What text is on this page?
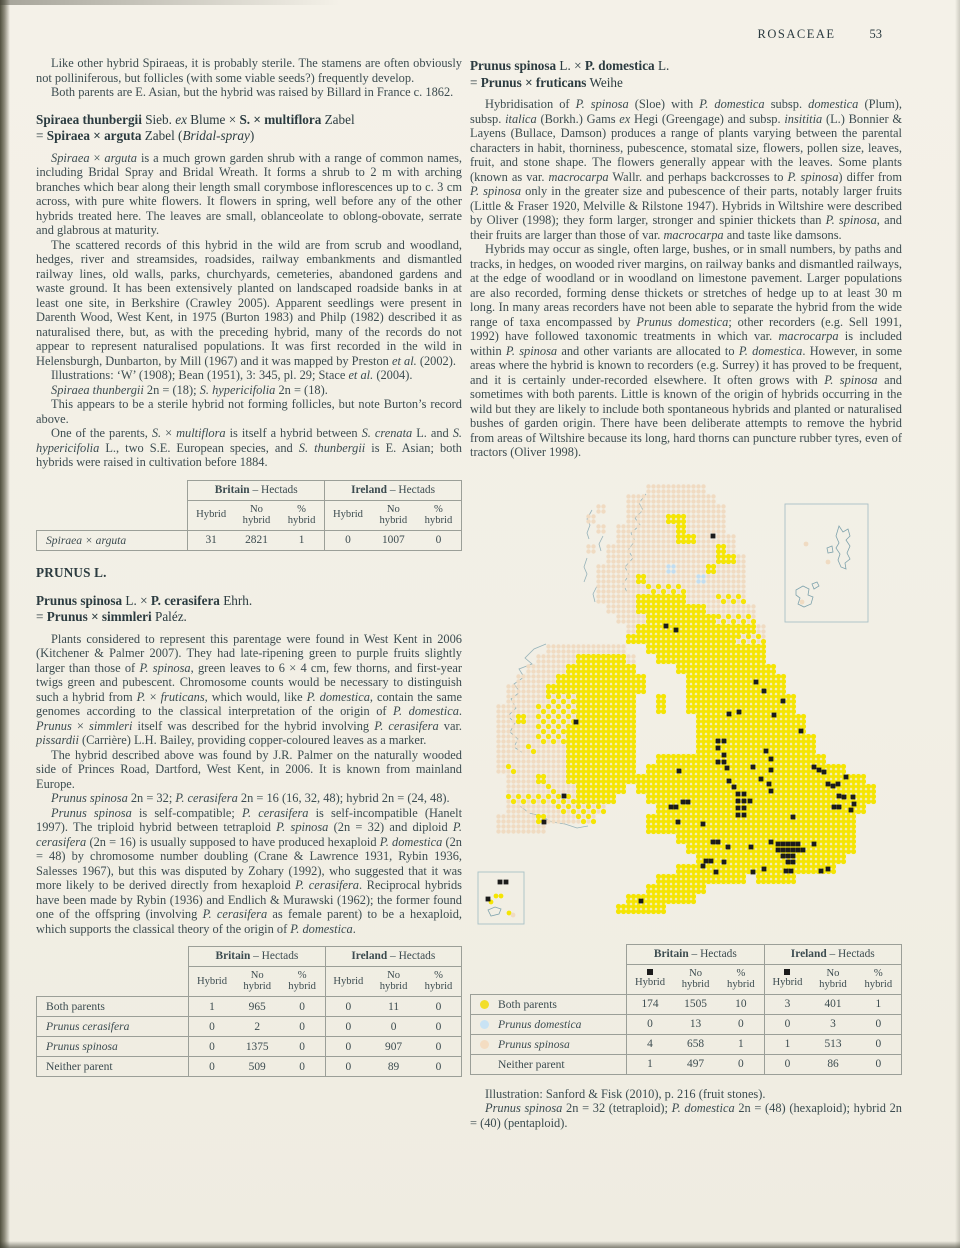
ROSACEAE	53

Like other hybrid Spiraeas, it is probably sterile. The stamens are often obviously not polliniferous, but follicles (with some viable seeds?) frequently develop.

Both parents are E. Asian, but the hybrid was raised by Billard in France c. 1862.

Spiraea thunbergii Sieb. ex Blume × S. × multiflora Zabel
= Spiraea × arguta Zabel (Bridal-spray)

Spiraea × arguta is a much grown garden shrub with a range of common names, including Bridal Spray and Bridal Wreath. It forms a shrub to 2 m with arching branches which bear along their length small corymbose inflorescences up to c. 3 cm across, with pure white flowers. It flowers in spring, well before any of the other hybrids treated here. The leaves are small, oblanceolate to oblong-obovate, serrate and glabrous at maturity.

The scattered records of this hybrid in the wild are from scrub and woodland, hedges, river and streamsides, roadsides, railway embankments and dismantled railway lines, old walls, parks, churchyards, cemeteries, abandoned gardens and waste ground. It has been extensively planted on landscaped roadside banks in at least one site, in Berkshire (Crawley 2005). Apparent seedlings were present in Darenth Wood, West Kent, in 1975 (Burton 1983) and Philp (1982) described it as naturalised there, but, as with the preceding hybrid, many of the records do not appear to represent naturalised populations. It was first recorded in the wild in Helensburgh, Dunbarton, by Mill (1967) and it was mapped by Preston et al. (2002).

Illustrations: ‘W’ (1908); Bean (1951), 3: 345, pl. 29; Stace et al. (2004).

Spiraea thunbergii 2n = (18); S. hypericifolia 2n = (18).

This appears to be a sterile hybrid not forming follicles, but note Burton’s record above.

One of the parents, S. × multiflora is itself a hybrid between S. crenata L. and S. hypericifolia L., two S.E. European species, and S. thunbergii is E. Asian; both hybrids were raised in cultivation before 1884.

	Britain – Hectads			Ireland – Hectads		
	Hybrid	No hybrid	% hybrid	Hybrid	No hybrid	% hybrid
Spiraea × arguta	31	2821	1	0	1007	0
PRUNUS L.
Prunus spinosa L. × P. cerasifera Ehrh.
= Prunus × simmleri Paléz.

Plants considered to represent this parentage were found in West Kent in 2006 (Kitchener & Palmer 2007). They had late-ripening green to purple fruits slightly larger than those of P. spinosa, green leaves to 6 × 4 cm, few thorns, and first-year twigs green and pubescent. Chromosome counts would be necessary to distinguish such a hybrid from P. × fruticans, which would, like P. domestica, contain the same genomes according to the classical interpretation of the origin of P. domestica. Prunus × simmleri itself was described for the hybrid involving P. cerasifera var. pissardii (Carrière) L.H. Bailey, providing copper-coloured leaves as a marker.

The hybrid described above was found by J.R. Palmer on the naturally wooded side of Princes Road, Dartford, West Kent, in 2006. It is known from mainland Europe.

Prunus spinosa 2n = 32; P. cerasifera 2n = 16 (16, 32, 48); hybrid 2n = (24, 48).

Prunus spinosa is self-compatible; P. cerasifera is self-incompatible (Hanelt 1997). The triploid hybrid between tetraploid P. spinosa (2n = 32) and diploid P. cerasifera (2n = 16) is usually supposed to have produced hexaploid P. domestica (2n = 48) by chromosome number doubling (Crane & Lawrence 1931, Rybin 1936, Salesses 1967), but this was disputed by Zohary (1992), who suggested that it was more likely to be derived directly from hexaploid P. cerasifera. Reciprocal hybrids have been made by Rybin (1936) and Endlich & Murawski (1962); the former found one of the offspring (involving P. cerasifera as female parent) to be a hexaploid, which supports the classical theory of the origin of P. domestica.

	Britain – Hectads			Ireland – Hectads		
	Hybrid	No hybrid	% hybrid	Hybrid	No hybrid	% hybrid
Both parents	1	965	0	0	11	0
Prunus cerasifera	0	2	0	0	0	0
Prunus spinosa	0	1375	0	0	907	0
Neither parent	0	509	0	0	89	0
Prunus spinosa L. × P. domestica L.
= Prunus × fruticans Weihe

Hybridisation of P. spinosa (Sloe) with P. domestica subsp. domestica (Plum), subsp. italica (Borkh.) Gams ex Hegi (Greengage) and subsp. insititia (L.) Bonnier & Layens (Bullace, Damson) produces a range of plants varying between the parental characters in habit, thorniness, pubescence, stomatal size, flowers, pollen size, leaves, fruit, and stone shape. The flowers generally appear with the leaves. Some plants (known as var. macrocarpa Wallr. and perhaps backcrosses to P. spinosa) differ from P. spinosa only in the greater size and pubescence of their parts, notably larger fruits (Little & Fraser 1920, Melville & Rilstone 1947). Hybrids in Wiltshire were described by Oliver (1998); they form larger, stronger and spinier thickets than P. spinosa, and their fruits are larger than those of var. macrocarpa and taste like damsons.

Hybrids may occur as single, often large, bushes, or in small numbers, by paths and tracks, in hedges, on wooded river margins, on railway banks and dismantled railways, at the edge of woodland or in woodland on limestone pavement. Larger populations are also recorded, forming dense thickets or stretches of hedge up to at least 30 m long. In many areas recorders have not been able to separate the hybrid from the wide range of taxa encompassed by Prunus domestica; other recorders (e.g. Sell 1991, 1992) have followed taxonomic treatments in which var. macrocarpa is included within P. spinosa and other variants are allocated to P. domestica. However, in some areas where the hybrid is known to recorders (e.g. Surrey) it has proved to be frequent, and it is certainly under-recorded elsewhere. It often grows with P. spinosa and sometimes with both parents. Little is known of the origin of hybrids occurring in the wild but they are likely to include both spontaneous hybrids and planted or naturalised bushes of garden origin. There have been deliberate attempts to remove the hybrid from areas of Wiltshire because its long, hard thorns can puncture rubber tyres, even of tractors (Oliver 1998).

	Britain – Hectads			Ireland – Hectads		

Hybrid	No hybrid	% hybrid	Hybrid	No hybrid	% hybrid
Both parents	174	1505	10	3	401	1
Prunus domestica	0	13	0	0	3	0
Prunus spinosa	4	658	1	1	513	0
Neither parent	1	497	0	0	86	0

Illustration: Sanford & Fisk (2010), p. 216 (fruit stones).

Prunus spinosa 2n = 32 (tetraploid); P. domestica 2n = (48) (hexaploid); hybrid 2n = (40) (pentaploid).
